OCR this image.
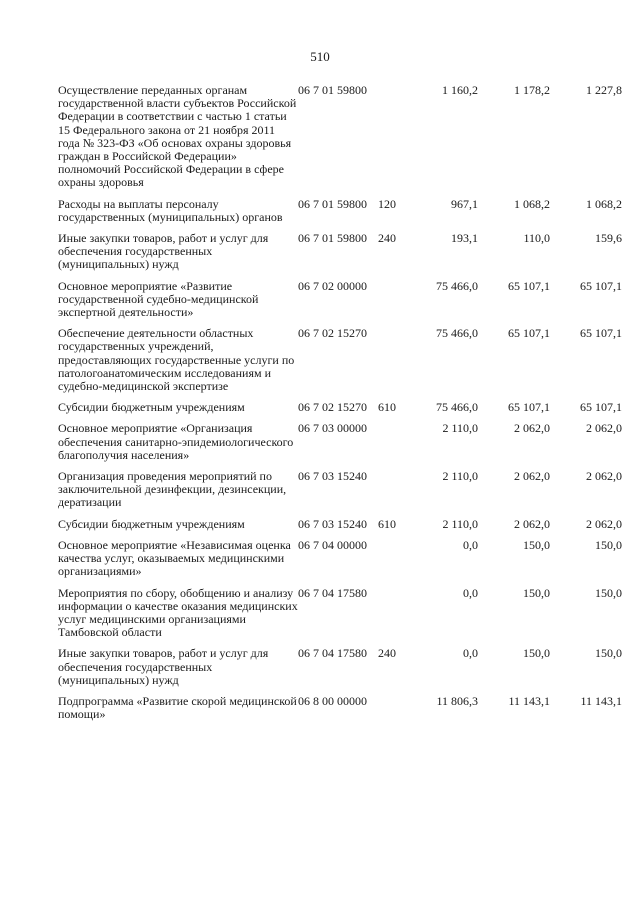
510
Осуществление переданных органам государственной власти субъектов Российской Федерации в соответствии с частью 1 статьи 15 Федерального закона от 21 ноября 2011 года № 323-ФЗ «Об основах охраны здоровья граждан в Российской Федерации» полномочий Российской Федерации в сфере охраны здоровья	06 7 01 59800		1 160,2	1 178,2	1 227,8
Расходы на выплаты персоналу государственных (муниципальных) органов	06 7 01 59800	120	967,1	1 068,2	1 068,2
Иные закупки товаров, работ и услуг для обеспечения государственных (муниципальных) нужд	06 7 01 59800	240	193,1	110,0	159,6
Основное мероприятие «Развитие государственной судебно-медицинской экспертной деятельности»	06 7 02 00000		75 466,0	65 107,1	65 107,1
Обеспечение деятельности областных государственных учреждений, предоставляющих государственные услуги по патологоанатомическим исследованиям и судебно-медицинской экспертизе	06 7 02 15270		75 466,0	65 107,1	65 107,1
Субсидии бюджетным учреждениям	06 7 02 15270	610	75 466,0	65 107,1	65 107,1
Основное мероприятие «Организация обеспечения санитарно-эпидемиологического благополучия населения»	06 7 03 00000		2 110,0	2 062,0	2 062,0
Организация проведения мероприятий по заключительной дезинфекции, дезинсекции, дератизации	06 7 03 15240		2 110,0	2 062,0	2 062,0
Субсидии бюджетным учреждениям	06 7 03 15240	610	2 110,0	2 062,0	2 062,0
Основное мероприятие «Независимая оценка качества услуг, оказываемых медицинскими организациями»	06 7 04 00000		0,0	150,0	150,0
Мероприятия по сбору, обобщению и анализу информации о качестве оказания медицинских услуг медицинскими организациями Тамбовской области	06 7 04 17580		0,0	150,0	150,0
Иные закупки товаров, работ и услуг для обеспечения государственных (муниципальных) нужд	06 7 04 17580	240	0,0	150,0	150,0
Подпрограмма «Развитие скорой медицинской помощи»	06 8 00 00000		11 806,3	11 143,1	11 143,1
